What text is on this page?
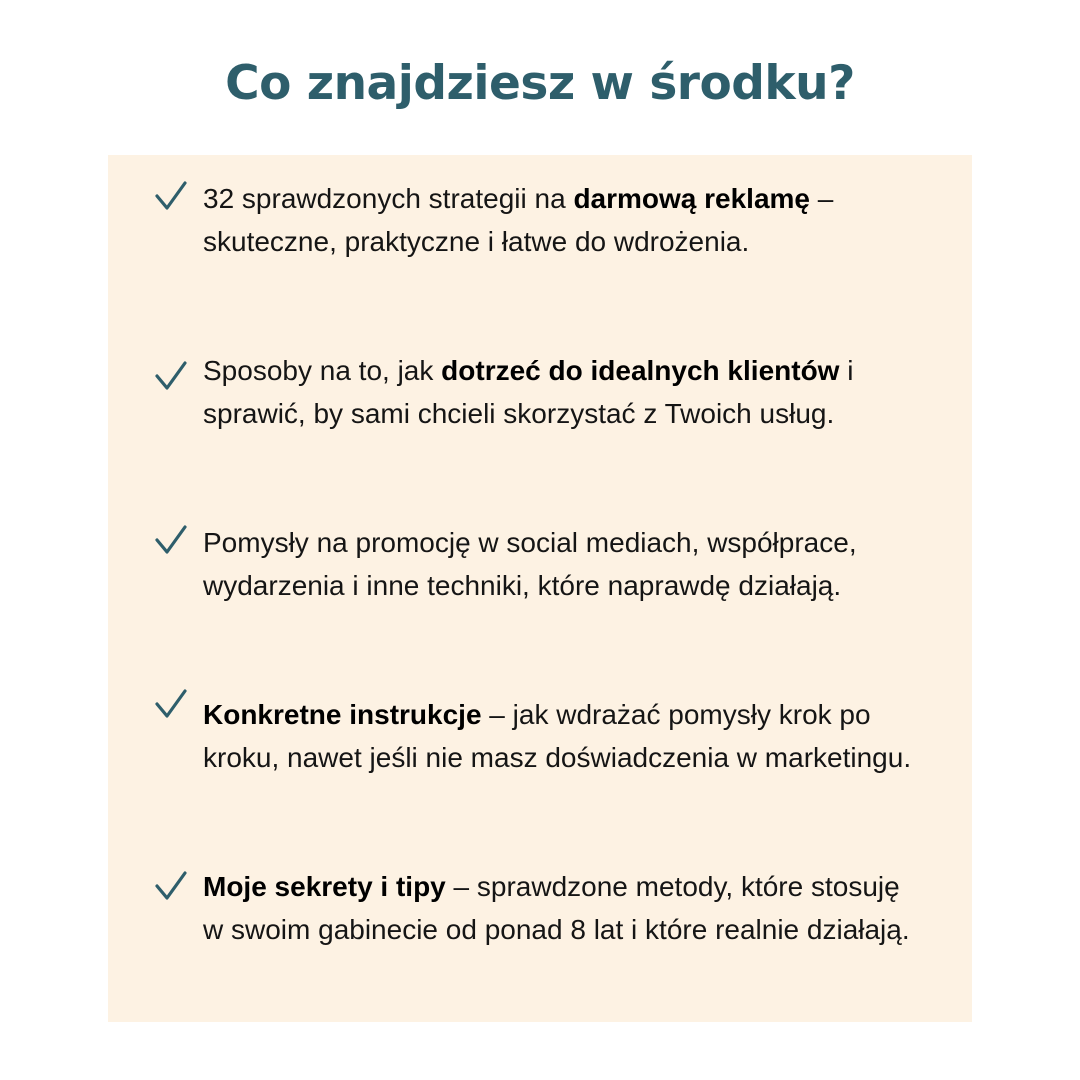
Co znajdziesz w środku?

32 sprawdzonych strategii na darmową reklamę – skuteczne, praktyczne i łatwe do wdrożenia.

Sposoby na to, jak dotrzeć do idealnych klientów i sprawić, by sami chcieli skorzystać z Twoich usług.

Pomysły na promocję w social mediach, współprace, wydarzenia i inne techniki, które naprawdę działają.

Konkretne instrukcje – jak wdrażać pomysły krok po kroku, nawet jeśli nie masz doświadczenia w marketingu.

Moje sekrety i tipy – sprawdzone metody, które stosuję w swoim gabinecie od ponad 8 lat i które realnie działają.
